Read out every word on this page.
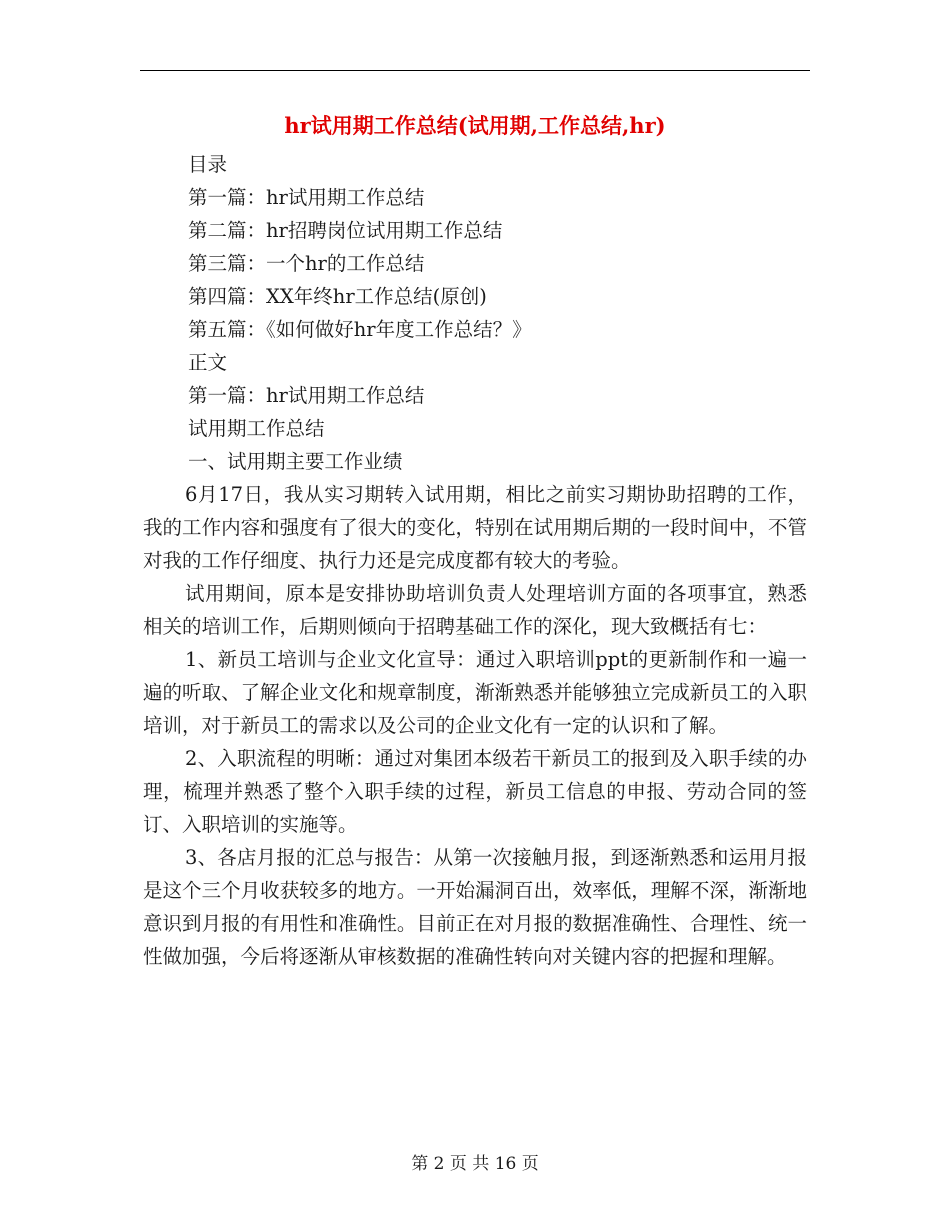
hr试用期工作总结(试用期,工作总结,hr)
目录
第一篇：hr试用期工作总结
第二篇：hr招聘岗位试用期工作总结
第三篇：一个hr的工作总结
第四篇：XX年终hr工作总结(原创)
第五篇：《如何做好hr年度工作总结？》
正文
第一篇：hr试用期工作总结
试用期工作总结
一、试用期主要工作业绩

6月17日，我从实习期转入试用期，相比之前实习期协助招聘的工作，我的工作内容和强度有了很大的变化，特别在试用期后期的一段时间中，不管对我的工作仔细度、执行力还是完成度都有较大的考验。

试用期间，原本是安排协助培训负责人处理培训方面的各项事宜，熟悉相关的培训工作，后期则倾向于招聘基础工作的深化，现大致概括有七：

1、新员工培训与企业文化宣导：通过入职培训ppt的更新制作和一遍一遍的听取、了解企业文化和规章制度，渐渐熟悉并能够独立完成新员工的入职培训，对于新员工的需求以及公司的企业文化有一定的认识和了解。

2、入职流程的明晰：通过对集团本级若干新员工的报到及入职手续的办理，梳理并熟悉了整个入职手续的过程，新员工信息的申报、劳动合同的签订、入职培训的实施等。

3、各店月报的汇总与报告：从第一次接触月报，到逐渐熟悉和运用月报是这个三个月收获较多的地方。一开始漏洞百出，效率低，理解不深，渐渐地意识到月报的有用性和准确性。目前正在对月报的数据准确性、合理性、统一性做加强，今后将逐渐从审核数据的准确性转向对关键内容的把握和理解。

第 2 页 共 16 页
